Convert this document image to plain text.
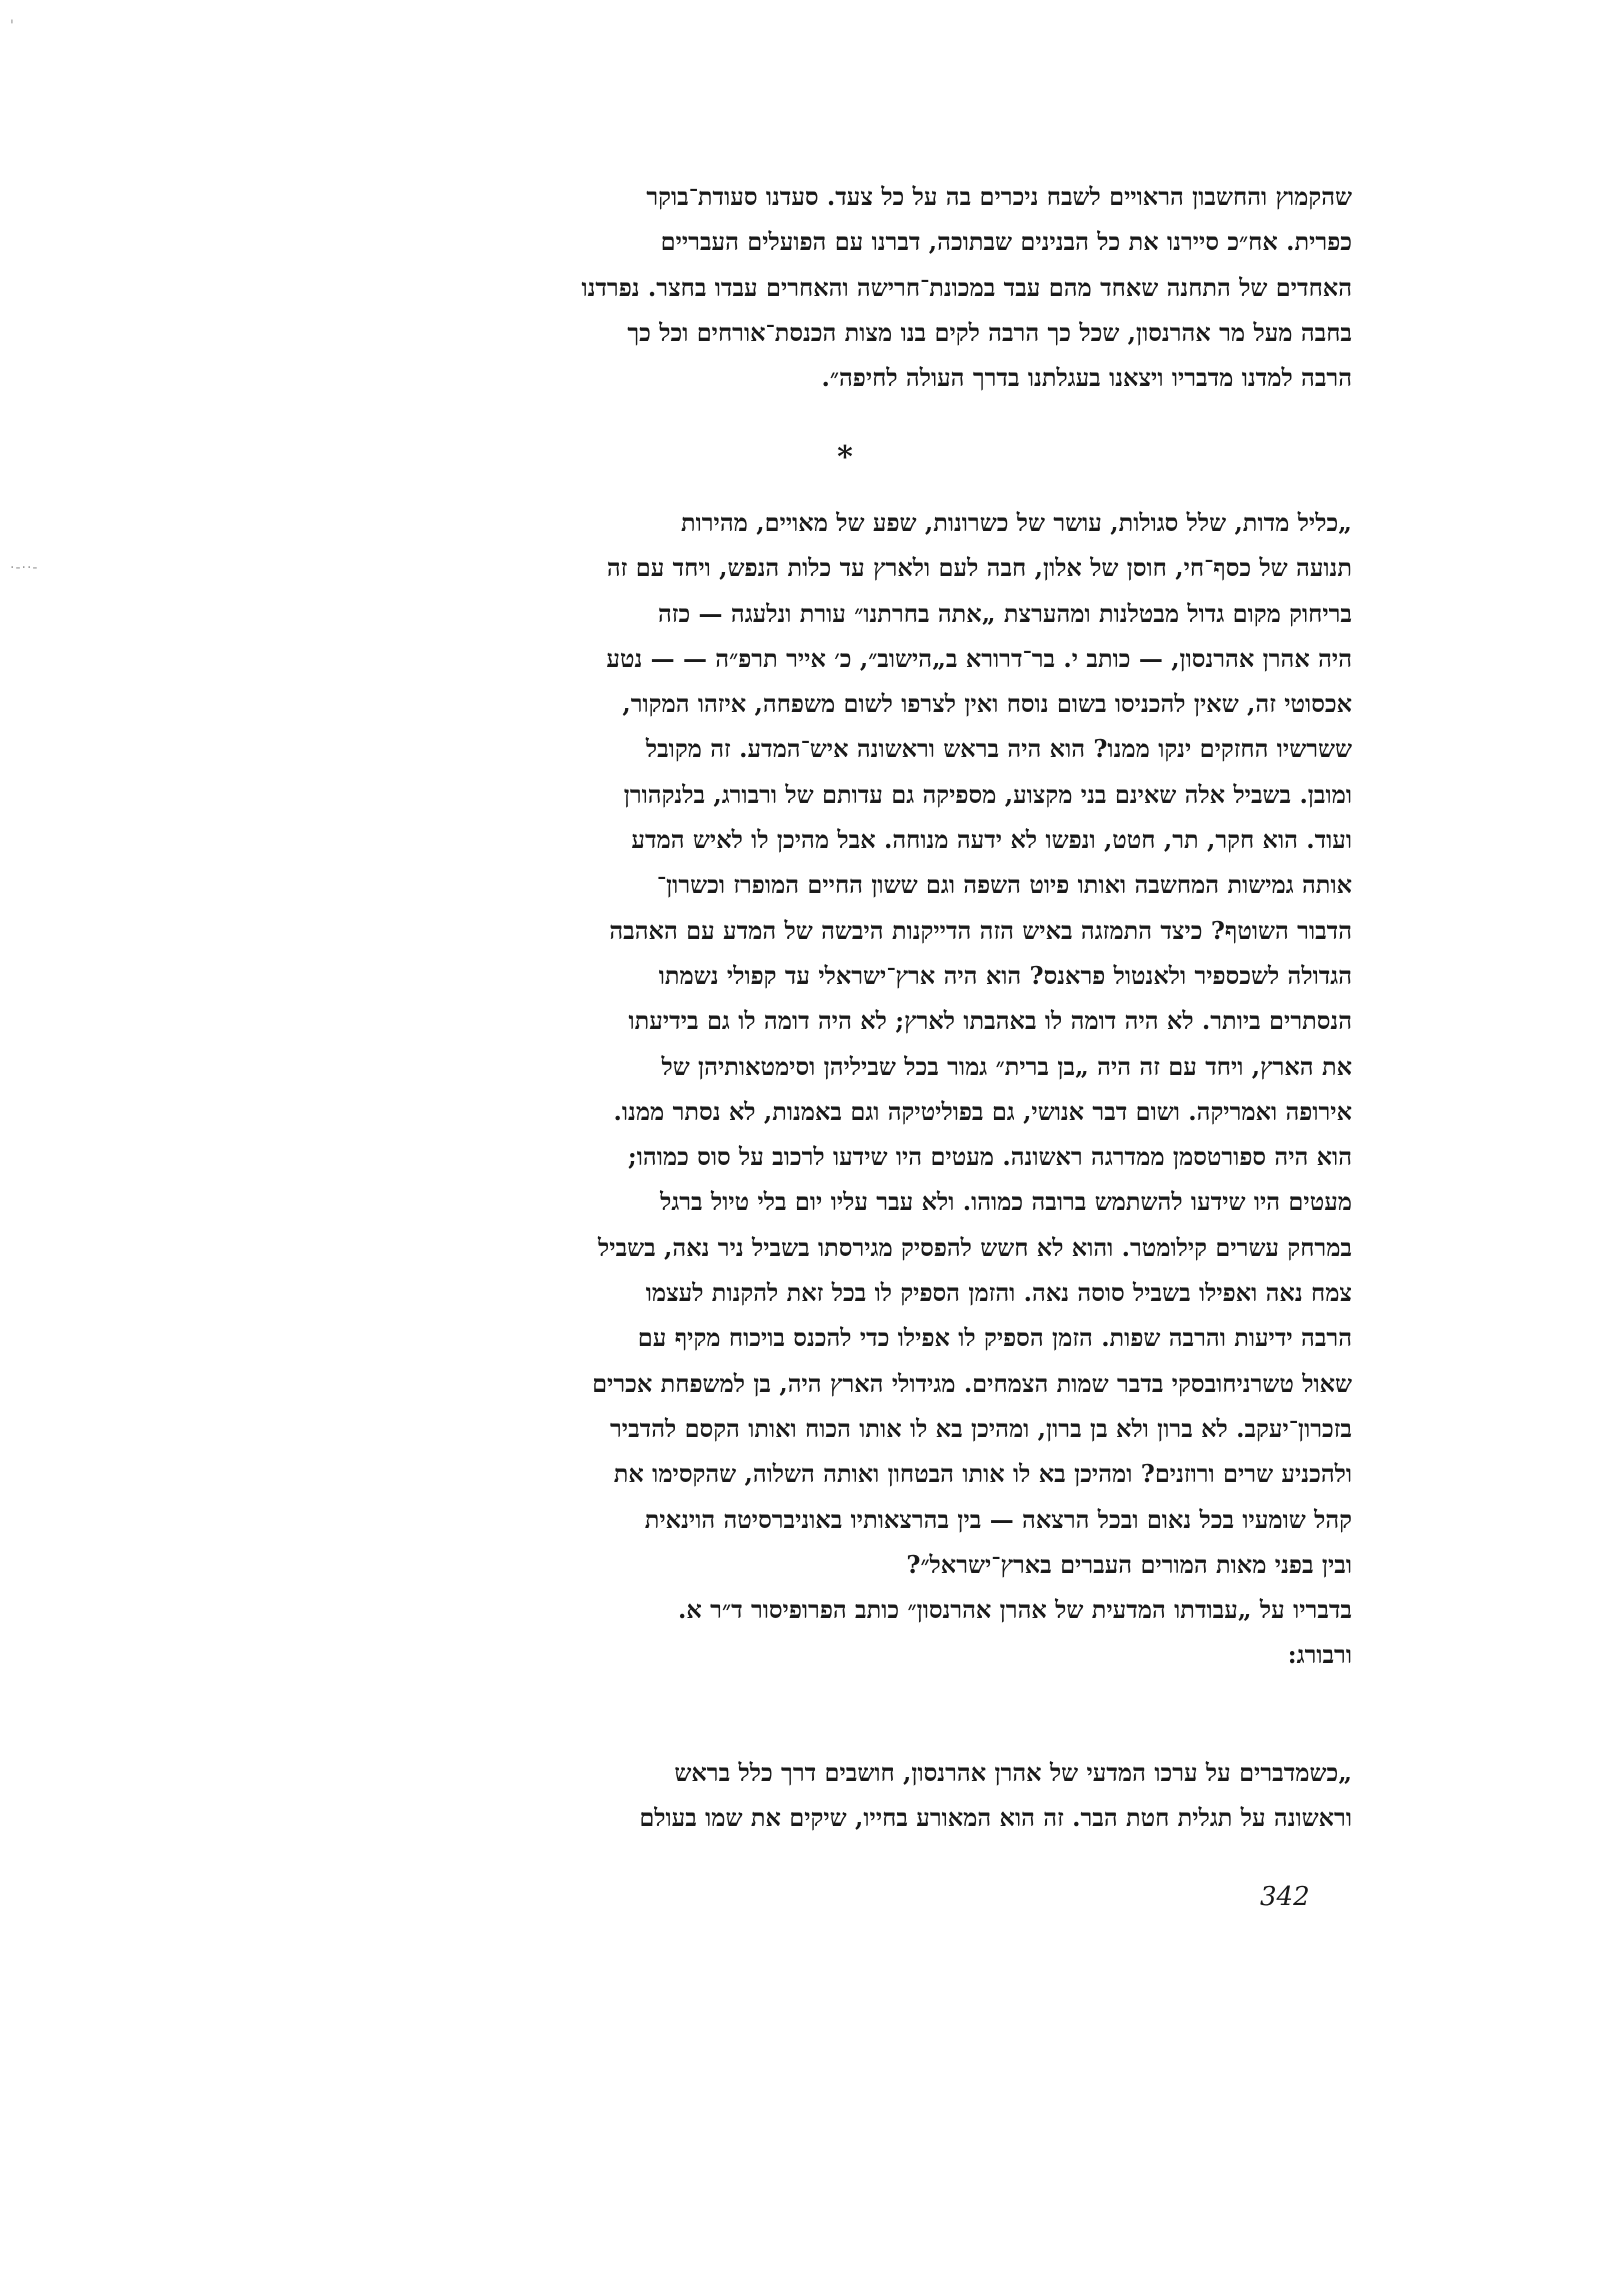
'
·-··-
שהקמוץ והחשבון הראויים לשבח ניכרים בה על כל צעד. סעדנו סעודת־בוקר
כפרית. אח״כ סיירנו את כל הבנינים שבתוכה, דברנו עם הפועלים העבריים
האחדים של התחנה שאחד מהם עבד במכונת־חרישה והאחרים עבדו בחצר. נפרדנו
בחבה מעל מר אהרנסון, שכל כך הרבה לקים בנו מצות הכנסת־אורחים וכל כך
הרבה למדנו מדבריו ויצאנו בעגלתנו בדרך העולה לחיפה״.
*
„כליל מדות, שלל סגולות, עושר של כשרונות, שפע של מאויים, מהירות
תנועה של כסף־חי, חוסן של אלון, חבה לעם ולארץ עד כלות הנפש, ויחד עם זה
בריחוק מקום גדול מבטלנות ומהערצת „אתה בחרתנו״ עורת ונלעגה — כזה
היה אהרן אהרנסון, — כותב י. בר־דרורא ב„הישוב״, כ׳ אייר תרפ״ה — — נטע
אכסוטי זה, שאין להכניסו בשום נוסח ואין לצרפו לשום משפחה, איזהו המקור,
ששרשיו החזקים ינקו ממנו? הוא היה בראש וראשונה איש־המדע. זה מקובל
ומובן. בשביל אלה שאינם בני מקצוע, מספיקה גם עדותם של ורבורג, בלנקהורן
ועוד. הוא חקר, תר, חטט, ונפשו לא ידעה מנוחה. אבל מהיכן לו לאיש המדע
אותה גמישות המחשבה ואותו פיוט השפה וגם ששון החיים המופרז וכשרון־
הדבור השוטף? כיצד התמזגה באיש הזה הדייקנות היבשה של המדע עם האהבה
הגדולה לשכספיר ולאנטול פראנס? הוא היה ארץ־ישראלי עד קפולי נשמתו
הנסתרים ביותר. לא היה דומה לו באהבתו לארץ; לא היה דומה לו גם בידיעתו
את הארץ, ויחד עם זה היה „בן ברית״ גמור בכל שביליהן וסימטאותיהן של
אירופה ואמריקה. ושום דבר אנושי, גם בפוליטיקה וגם באמנות, לא נסתר ממנו.
הוא היה ספורטסמן ממדרגה ראשונה. מעטים היו שידעו לרכוב על סוס כמוהו;
מעטים היו שידעו להשתמש ברובה כמוהו. ולא עבר עליו יום בלי טיול ברגל
במרחק עשרים קילומטר. והוא לא חשש להפסיק מגירסתו בשביל ניר נאה, בשביל
צמח נאה ואפילו בשביל סוסה נאה. והזמן הספיק לו בכל זאת להקנות לעצמו
הרבה ידיעות והרבה שפות. הזמן הספיק לו אפילו כדי להכנס בויכוח מקיף עם
שאול טשרניחובסקי בדבר שמות הצמחים. מגידולי הארץ היה, בן למשפחת אכרים
בזכרון־יעקב. לא ברון ולא בן ברון, ומהיכן בא לו אותו הכוח ואותו הקסם להדביר
ולהכניע שרים ורוזנים? ומהיכן בא לו אותו הבטחון ואותה השלוה, שהקסימו את
קהל שומעיו בכל נאום ובכל הרצאה — בין בהרצאותיו באוניברסיטה הוינאית
ובין בפני מאות המורים העברים בארץ־ישראל״?
בדבריו על „עבודתו המדעית של אהרן אהרנסון״ כותב הפרופיסור ד״ר א.
ורבורג:
„כשמדברים על ערכו המדעי של אהרן אהרנסון, חושבים דרך כלל בראש
וראשונה על תגלית חטת הבר. זה הוא המאורע בחייו, שיקים את שמו בעולם
342
